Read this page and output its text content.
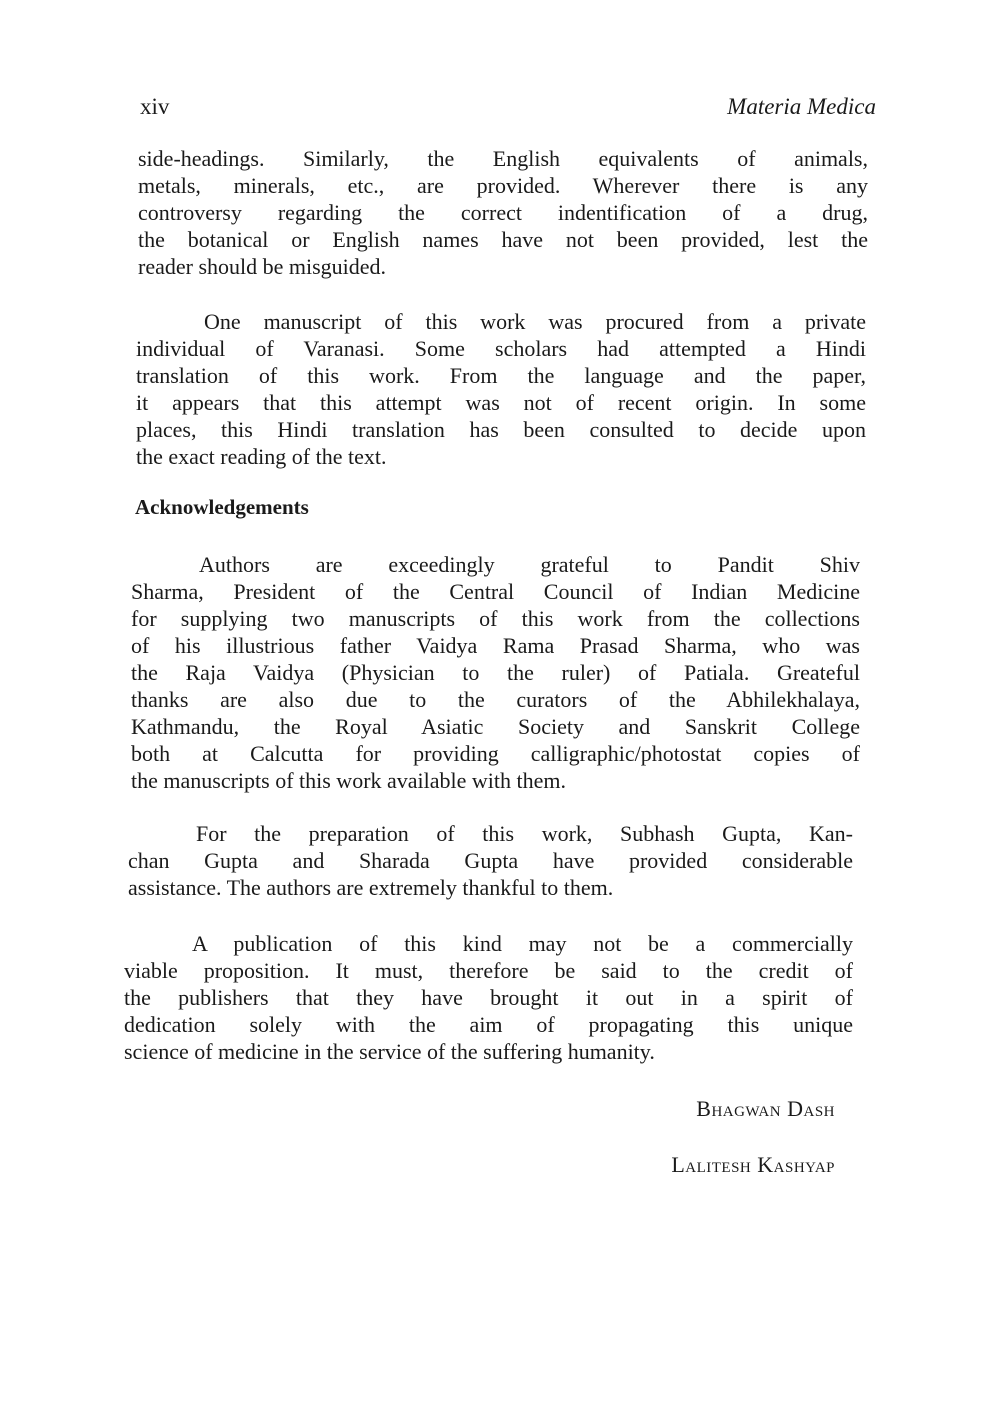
xiv	Materia Medica
side-headings. Similarly, the English equivalents of animals,
metals, minerals, etc., are provided. Wherever there is any
controversy regarding the correct indentification of a drug,
the botanical or English names have not been provided, lest the
reader should be misguided.
One manuscript of this work was procured from a private
individual of Varanasi. Some scholars had attempted a Hindi
translation of this work. From the language and the paper,
it appears that this attempt was not of recent origin. In some
places, this Hindi translation has been consulted to decide upon
the exact reading of the text.
Acknowledgements
Authors are exceedingly grateful to Pandit Shiv
Sharma, President of the Central Council of Indian Medicine
for supplying two manuscripts of this work from the collections
of his illustrious father Vaidya Rama Prasad Sharma, who was
the Raja Vaidya (Physician to the ruler) of Patiala. Greateful
thanks are also due to the curators of the Abhilekhalaya,
Kathmandu, the Royal Asiatic Society and Sanskrit College
both at Calcutta for providing calligraphic/photostat copies of
the manuscripts of this work available with them.
For the preparation of this work, Subhash Gupta, Kan-
chan Gupta and Sharada Gupta have provided considerable
assistance. The authors are extremely thankful to them.
A publication of this kind may not be a commercially
viable proposition. It must, therefore be said to the credit of
the publishers that they have brought it out in a spirit of
dedication solely with the aim of propagating this unique
science of medicine in the service of the suffering humanity.
Bhagwan Dash
Lalitesh Kashyap
